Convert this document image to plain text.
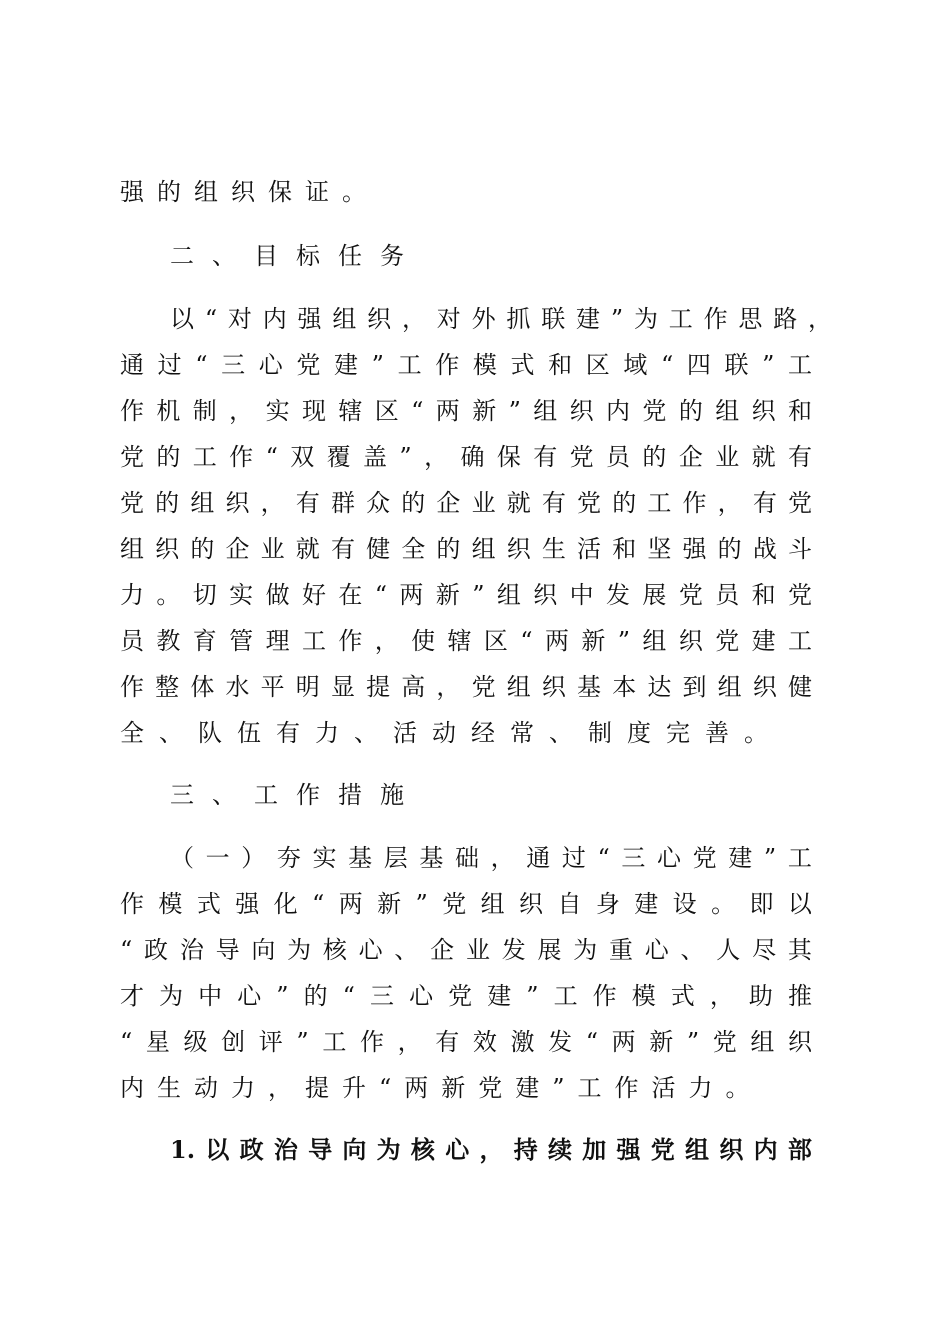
强的组织保证。
二、目标任务
以 “ 对 内 强 组 织 ， 对 外 抓 联 建 ” 为 工 作 思 路 ，
通 过 “ 三 心 党 建 ” 工 作 模 式 和 区 域 “ 四 联 ” 工
作 机 制 ， 实 现 辖 区 “ 两 新 ” 组 织 内 党 的 组 织 和
党 的 工 作 “ 双 覆 盖 ” ， 确 保 有 党 员 的 企 业 就 有
党 的 组 织 ， 有 群 众 的 企 业 就 有 党 的 工 作 ， 有 党
组 织 的 企 业 就 有 健 全 的 组 织 生 活 和 坚 强 的 战 斗
力 。 切 实 做 好 在 “ 两 新 ” 组 织 中 发 展 党 员 和 党
员 教 育 管 理 工 作 ， 使 辖 区 “ 两 新 ” 组 织 党 建 工
作 整 体 水 平 明 显 提 高 ， 党 组 织 基 本 达 到 组 织 健
全、队伍有力、活动经常、制度完善。
三、工作措施
（ 一 ） 夯 实 基 层 基 础 ， 通 过 “ 三 心 党 建 ” 工
作 模 式 强 化 “ 两 新 ” 党 组 织 自 身 建 设 。 即 以
“ 政 治 导 向 为 核 心 、 企 业 发 展 为 重 心 、 人 尽 其
才 为 中 心 ” 的 “ 三 心 党 建 ” 工 作 模 式 ， 助 推
“ 星 级 创 评 ” 工 作 ， 有 效 激 发 “ 两 新 ” 党 组 织
内生动力，提升“两新党建”工作活力。
1. 以 政 治 导 向 为 核 心 ， 持 续 加 强 党 组 织 内 部
